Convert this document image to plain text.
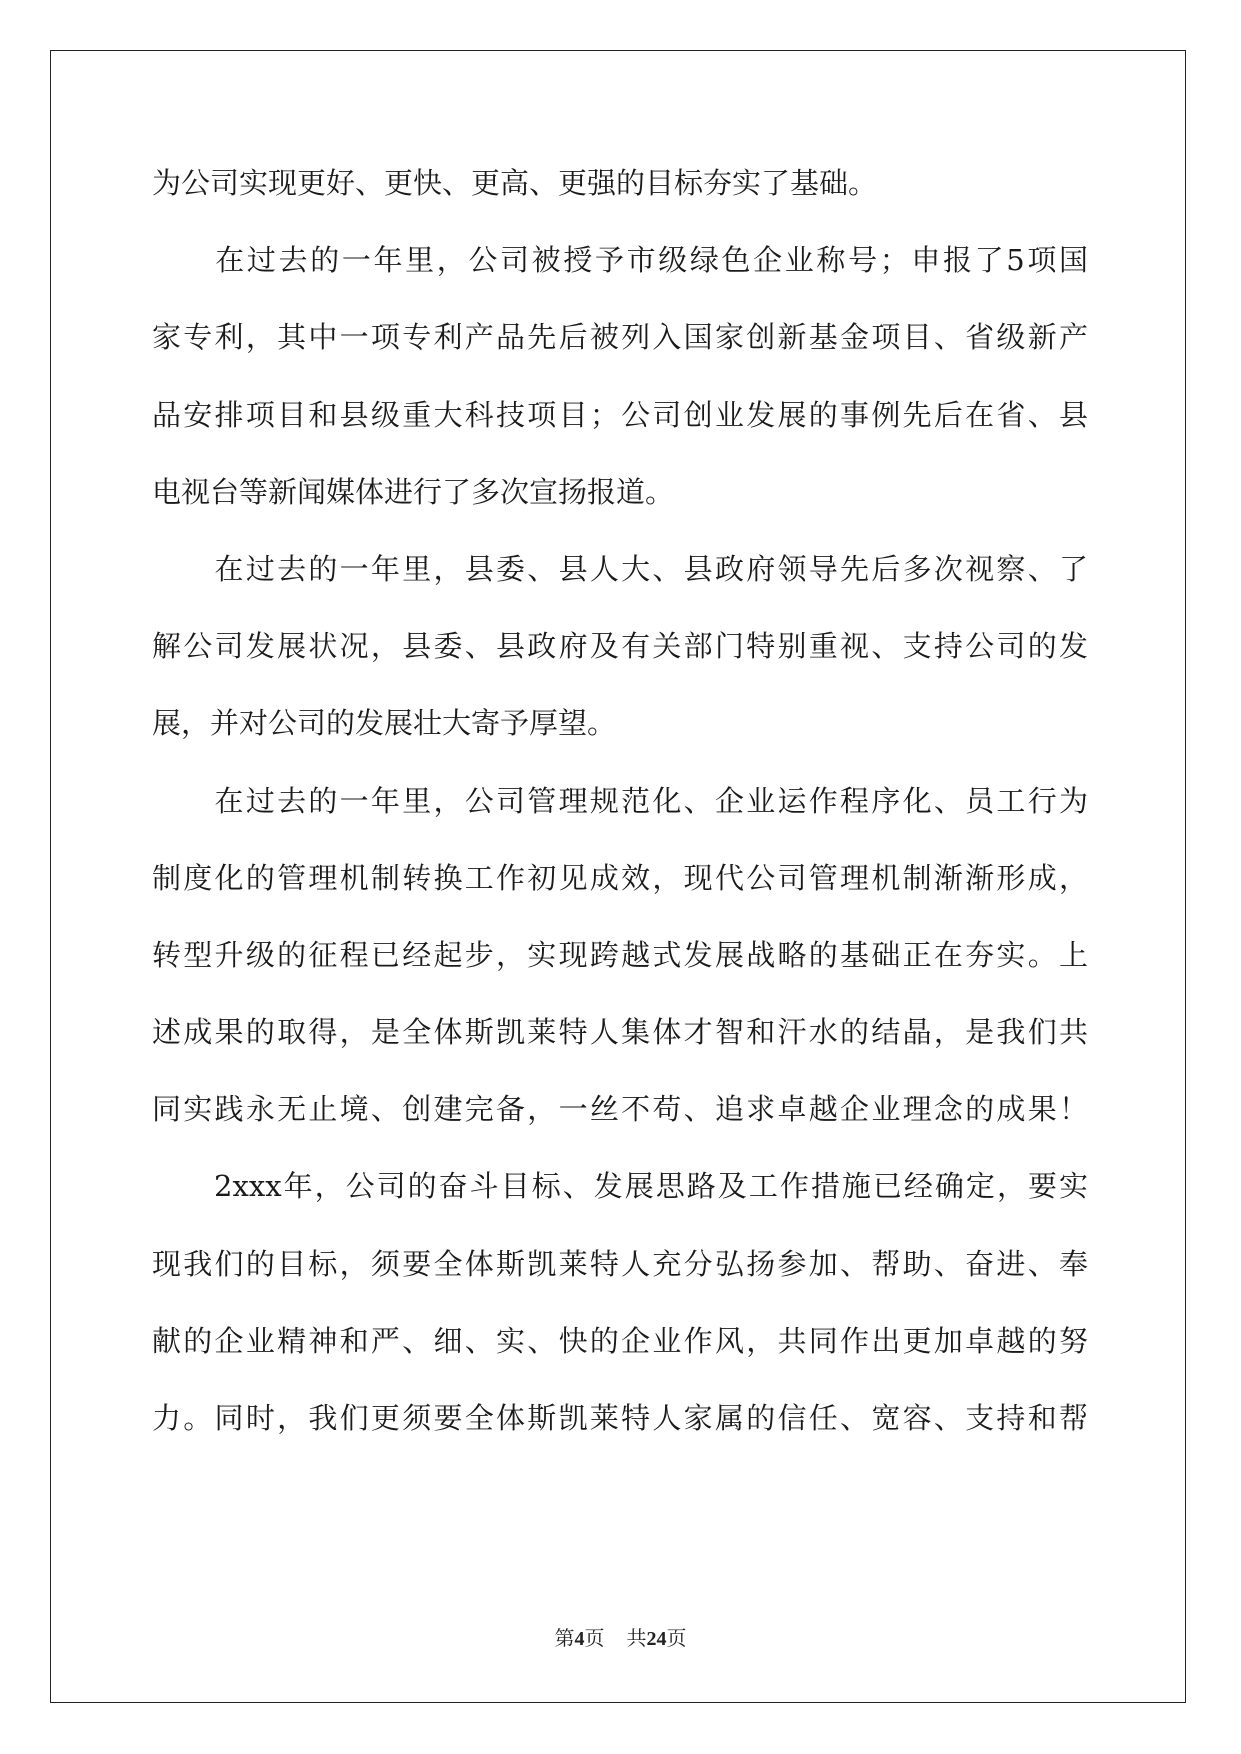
为公司实现更好、更快、更高、更强的目标夯实了基础。
　　在过去的一年里，公司被授予市级绿色企业称号；申报了5项国
家专利，其中一项专利产品先后被列入国家创新基金项目、省级新产
品安排项目和县级重大科技项目；公司创业发展的事例先后在省、县
电视台等新闻媒体进行了多次宣扬报道。
　　在过去的一年里，县委、县人大、县政府领导先后多次视察、了
解公司发展状况，县委、县政府及有关部门特别重视、支持公司的发
展，并对公司的发展壮大寄予厚望。
　　在过去的一年里，公司管理规范化、企业运作程序化、员工行为
制度化的管理机制转换工作初见成效，现代公司管理机制渐渐形成，
转型升级的征程已经起步，实现跨越式发展战略的基础正在夯实。上
述成果的取得，是全体斯凯莱特人集体才智和汗水的结晶，是我们共
同实践永无止境、创建完备，一丝不苟、追求卓越企业理念的成果！
　　2xxx年，公司的奋斗目标、发展思路及工作措施已经确定，要实
现我们的目标，须要全体斯凯莱特人充分弘扬参加、帮助、奋进、奉
献的企业精神和严、细、实、快的企业作风，共同作出更加卓越的努
力。同时，我们更须要全体斯凯莱特人家属的信任、宽容、支持和帮
第4页 共24页
